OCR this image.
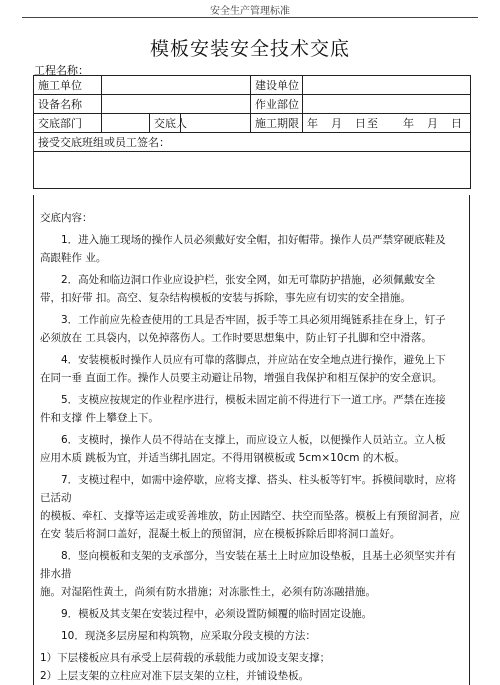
安全生产管理标准
模板安装安全技术交底
工程名称：
施工单位				建设单位	
设备名称				作业部位	
交底部门		交底人		施工期限	年　月　日至　　年　月　日
接受交底班组或员工签名：					

交底内容：

1．进入施工现场的操作人员必须戴好安全帽，扣好帽带。操作人员严禁穿硬底鞋及
高跟鞋作 业。

2．高处和临边洞口作业应设护栏，张安全网，如无可靠防护措施，必须佩戴安全
带，扣好带 扣。高空、复杂结构模板的安装与拆除，事先应有切实的安全措施。

3．工作前应先检查使用的工具是否牢固，扳手等工具必须用绳链系挂在身上，钉子
必须放在 工具袋内，以免掉落伤人。工作时要思想集中，防止钉子扎脚和空中滑落。

4．安装模板时操作人员应有可靠的落脚点，并应站在安全地点进行操作，避免上下
在同一垂 直面工作。操作人员要主动避让吊物，增强自我保护和相互保护的安全意识。

5．支模应按规定的作业程序进行，模板未固定前不得进行下一道工序。严禁在连接
件和支撑 件上攀登上下。

6．支模时，操作人员不得站在支撑上，而应设立人板，以便操作人员站立。立人板
应用木质 跳板为宜，并适当绑扎固定。不得用钢模板或 5cm×10cm 的木板。

7．支模过程中，如需中途停歇，应将支撑、搭头、柱头板等钉牢。拆模间歇时，应将已活动
的模板、牵杠、支撑等运走或妥善堆放，防止因踏空、扶空而坠落。模板上有预留洞者，应在安 装后将洞口盖好，混凝土板上的预留洞，应在模板拆除后即将洞口盖好。

8．竖向模板和支架的支承部分，当安装在基土上时应加设垫板，且基土必须坚实并有排水措
施。对湿陷性黄土，尚须有防水措施；对冻胀性土，必须有防冻融措施。

9．模板及其支架在安装过程中，必须设置防倾覆的临时固定设施。

10．现浇多层房屋和构筑物，应采取分段支模的方法：

1）下层楼板应具有承受上层荷载的承载能力或加设支架支撑；

2）上层支架的立柱应对准下层支架的立柱，并铺设垫板。
